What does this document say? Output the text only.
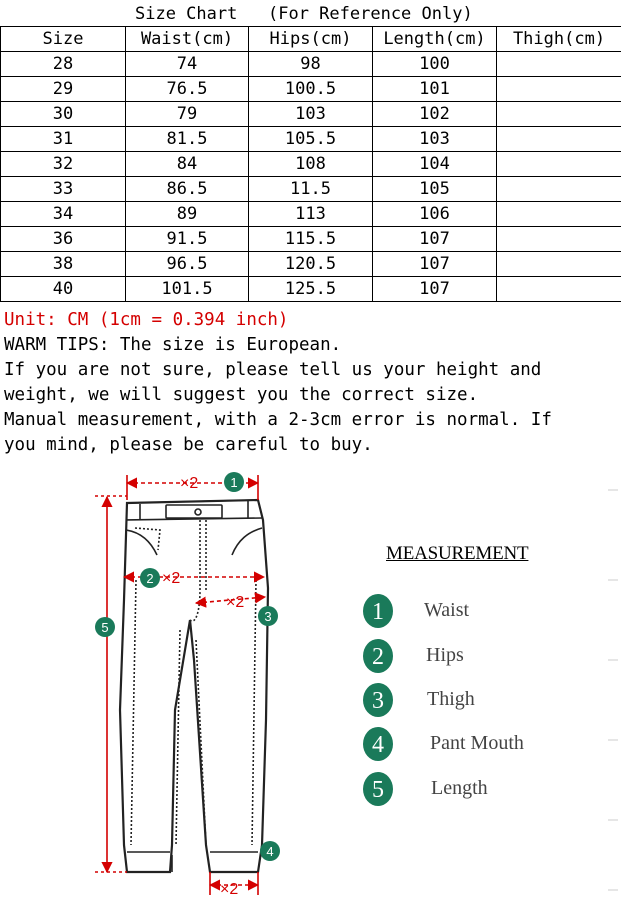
Size Chart (For Reference Only)
Size	Waist(cm)	Hips(cm)	Length(cm)	Thigh(cm)
28	74	98	100	
29	76.5	100.5	101	
30	79	103	102	
31	81.5	105.5	103	
32	84	108	104	
33	86.5	11.5	105	
34	89	113	106	
36	91.5	115.5	107	
38	96.5	120.5	107	
40	101.5	125.5	107	
Unit: CM (1cm = 0.394 inch)
WARM TIPS: The size is European.
If you are not sure, please tell us your height and
weight, we will suggest you the correct size.
Manual measurement, with a 2-3cm error is normal. If
you mind, please be careful to buy.
×2
×2
×2
×2
1
2
3
4
5
MEASUREMENT
1 Waist
2 Hips
3 Thigh
4 Pant Mouth
5 Length
